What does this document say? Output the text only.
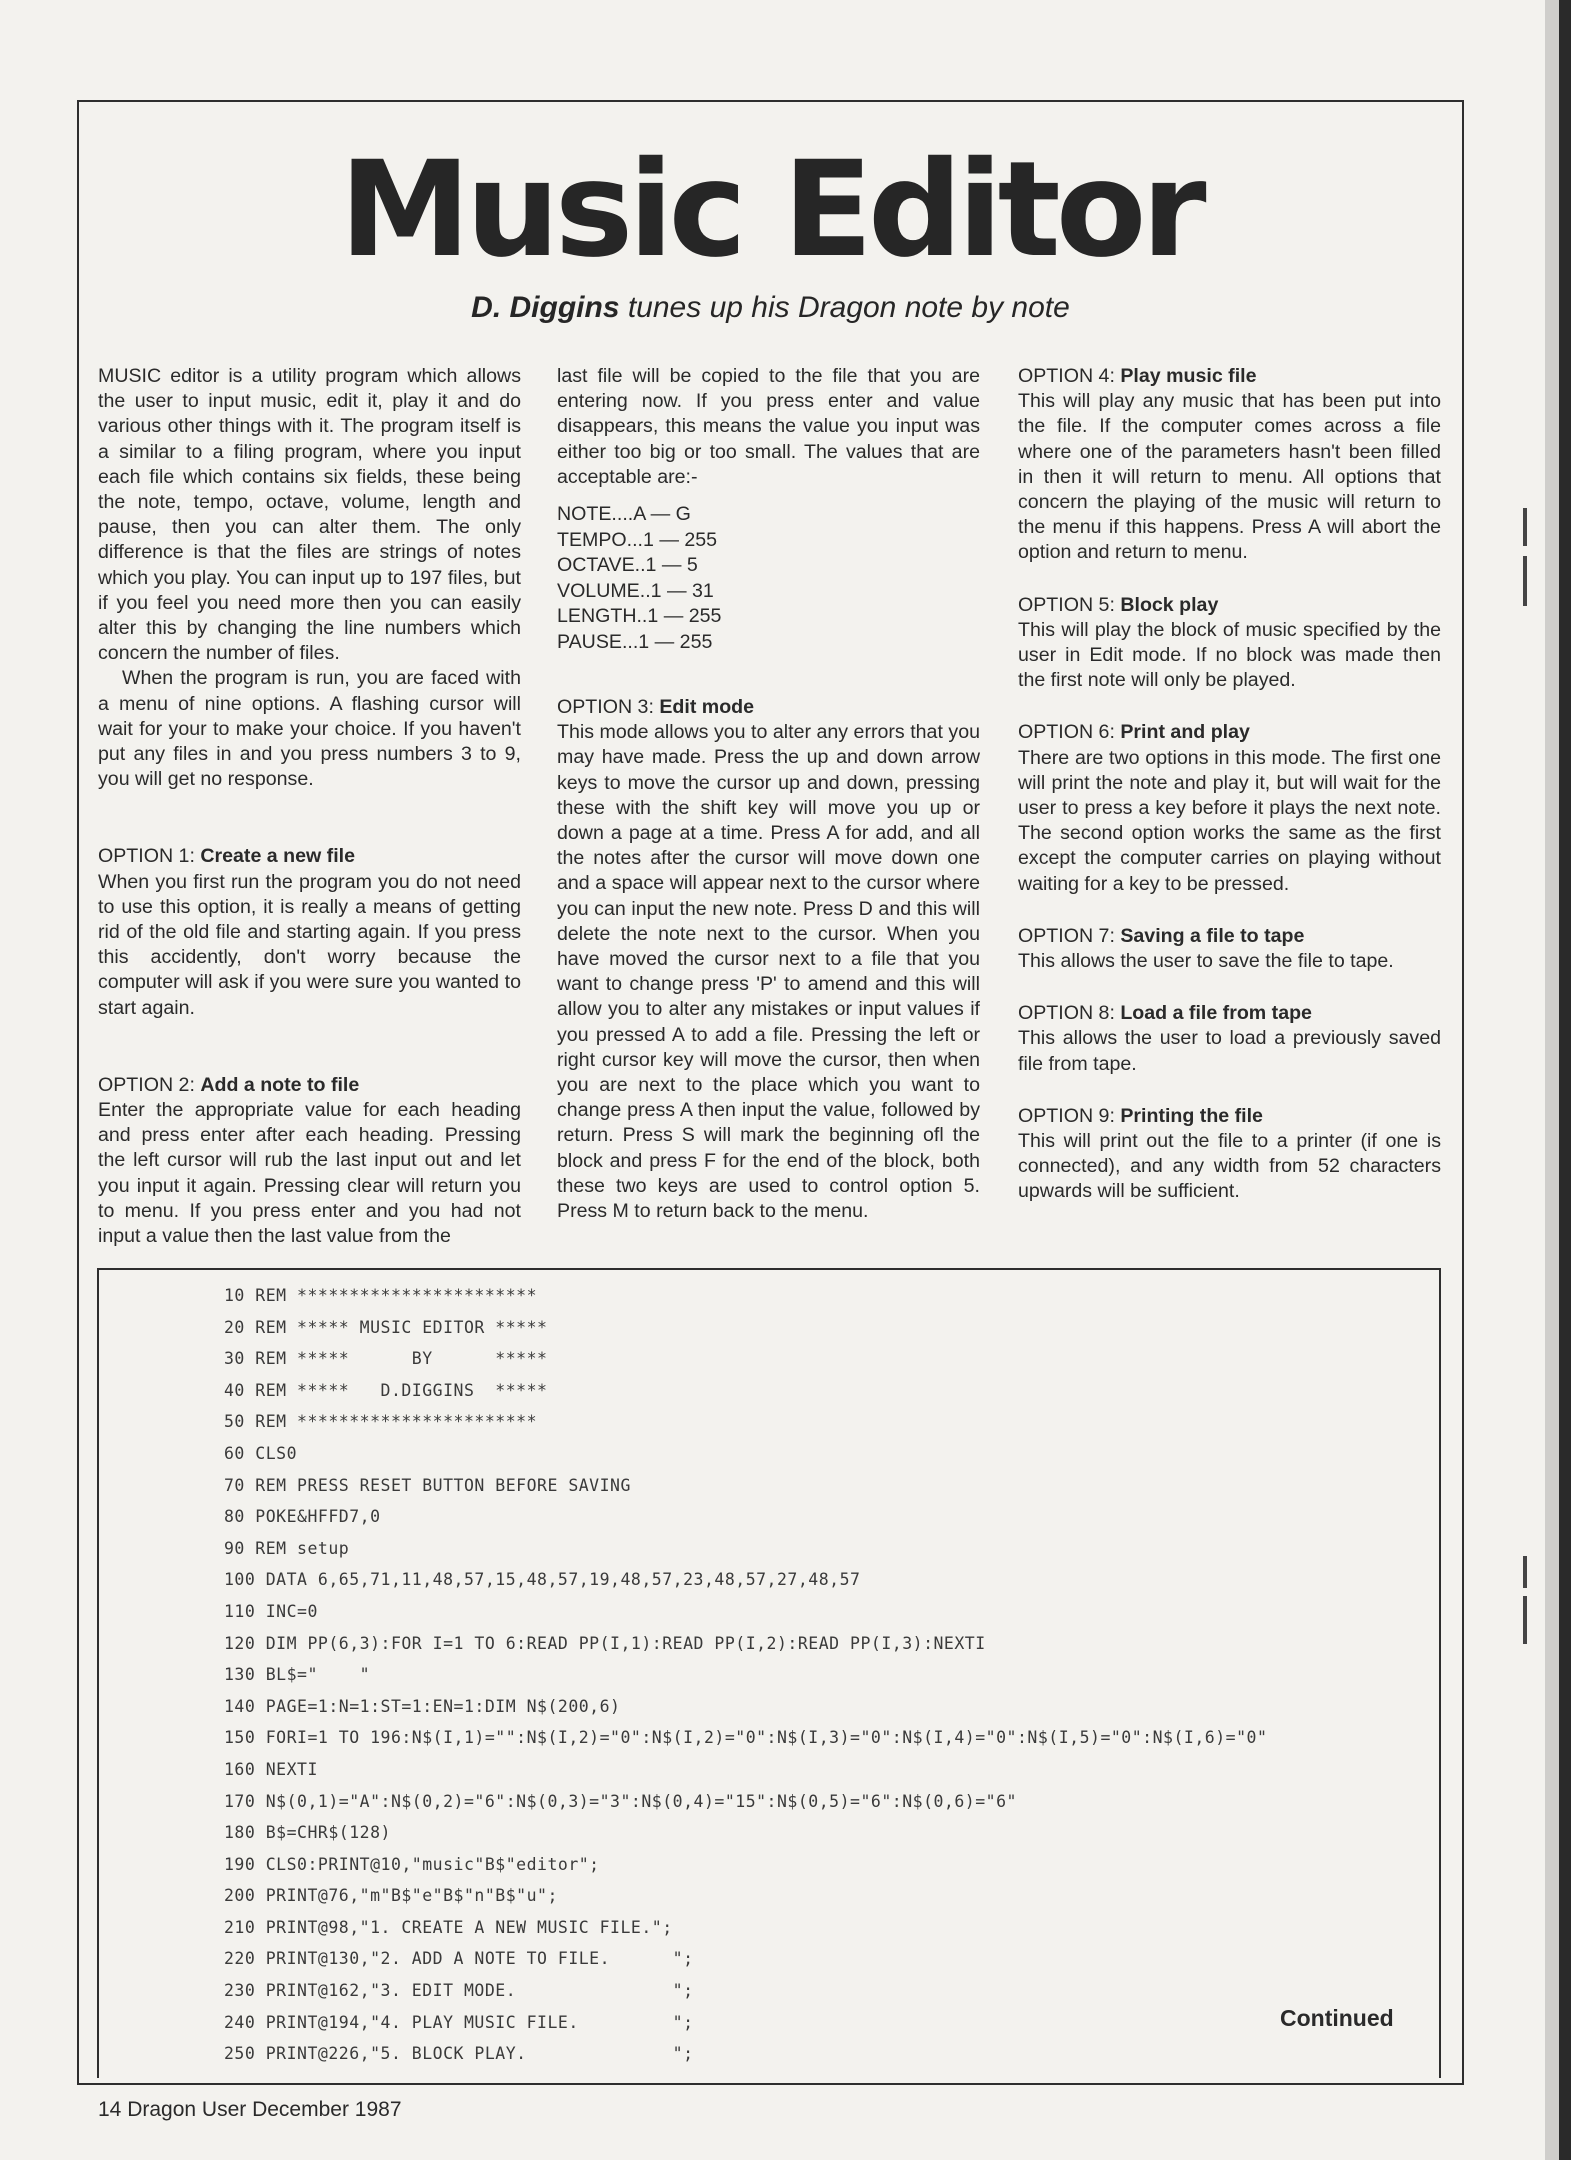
Music Editor
D. Diggins tunes up his Dragon note by note

MUSIC editor is a utility program which allows the user to input music, edit it, play it and do various other things with it. The program itself is a similar to a filing program, where you input each file which contains six fields, these being the note, tempo, octave, volume, length and pause, then you can alter them. The only difference is that the files are strings of notes which you play. You can input up to 197 files, but if you feel you need more then you can easily alter this by changing the line numbers which concern the number of files.

When the program is run, you are faced with a menu of nine options. A flashing cursor will wait for your to make your choice. If you haven't put any files in and you press numbers 3 to 9, you will get no response.

OPTION 1: Create a new file

When you first run the program you do not need to use this option, it is really a means of getting rid of the old file and starting again. If you press this accidently, don't worry because the computer will ask if you were sure you wanted to start again.

OPTION 2: Add a note to file

Enter the appropriate value for each heading and press enter after each heading. Pressing the left cursor will rub the last input out and let you input it again. Pressing clear will return you to menu. If you press enter and you had not input a value then the last value from the

last file will be copied to the file that you are entering now. If you press enter and value disappears, this means the value you input was either too big or too small. The values that are acceptable are:-

NOTE....A — G
TEMPO...1 — 255
OCTAVE..1 — 5
VOLUME..1 — 31
LENGTH..1 — 255
PAUSE...1 — 255

OPTION 3: Edit mode

This mode allows you to alter any errors that you may have made. Press the up and down arrow keys to move the cursor up and down, pressing these with the shift key will move you up or down a page at a time. Press A for add, and all the notes after the cursor will move down one and a space will appear next to the cursor where you can input the new note. Press D and this will delete the note next to the cursor. When you have moved the cursor next to a file that you want to change press 'P' to amend and this will allow you to alter any mistakes or input values if you pressed A to add a file. Pressing the left or right cursor key will move the cursor, then when you are next to the place which you want to change press A then input the value, followed by return. Press S will mark the beginning ofl the block and press F for the end of the block, both these two keys are used to control option 5. Press M to return back to the menu.

OPTION 4: Play music file

This will play any music that has been put into the file. If the computer comes across a file where one of the parameters hasn't been filled in then it will return to menu. All options that concern the playing of the music will return to the menu if this happens. Press A will abort the option and return to menu.

OPTION 5: Block play

This will play the block of music specified by the user in Edit mode. If no block was made then the first note will only be played.

OPTION 6: Print and play

There are two options in this mode. The first one will print the note and play it, but will wait for the user to press a key before it plays the next note. The second option works the same as the first except the computer carries on playing without waiting for a key to be pressed.

OPTION 7: Saving a file to tape

This allows the user to save the file to tape.

OPTION 8: Load a file from tape

This allows the user to load a previously saved file from tape.

OPTION 9: Printing the file

This will print out the file to a printer (if one is connected), and any width from 52 characters upwards will be sufficient.

10 REM ***********************
20 REM ***** MUSIC EDITOR *****
30 REM *****      BY      *****
40 REM *****   D.DIGGINS  *****
50 REM ***********************
60 CLS0
70 REM PRESS RESET BUTTON BEFORE SAVING
80 POKE&HFFD7,0
90 REM setup
100 DATA 6,65,71,11,48,57,15,48,57,19,48,57,23,48,57,27,48,57
110 INC=0
120 DIM PP(6,3):FOR I=1 TO 6:READ PP(I,1):READ PP(I,2):READ PP(I,3):NEXTI
130 BL$="    "
140 PAGE=1:N=1:ST=1:EN=1:DIM N$(200,6)
150 FORI=1 TO 196:N$(I,1)="":N$(I,2)="0":N$(I,2)="0":N$(I,3)="0":N$(I,4)="0":N$(I,5)="0":N$(I,6)="0"
160 NEXTI
170 N$(0,1)="A":N$(0,2)="6":N$(0,3)="3":N$(0,4)="15":N$(0,5)="6":N$(0,6)="6"
180 B$=CHR$(128)
190 CLS0:PRINT@10,"music"B$"editor";
200 PRINT@76,"m"B$"e"B$"n"B$"u";
210 PRINT@98,"1. CREATE A NEW MUSIC FILE.";
220 PRINT@130,"2. ADD A NOTE TO FILE.      ";
230 PRINT@162,"3. EDIT MODE.               ";
240 PRINT@194,"4. PLAY MUSIC FILE.         ";
250 PRINT@226,"5. BLOCK PLAY.              ";
Continued
14 Dragon User December 1987
